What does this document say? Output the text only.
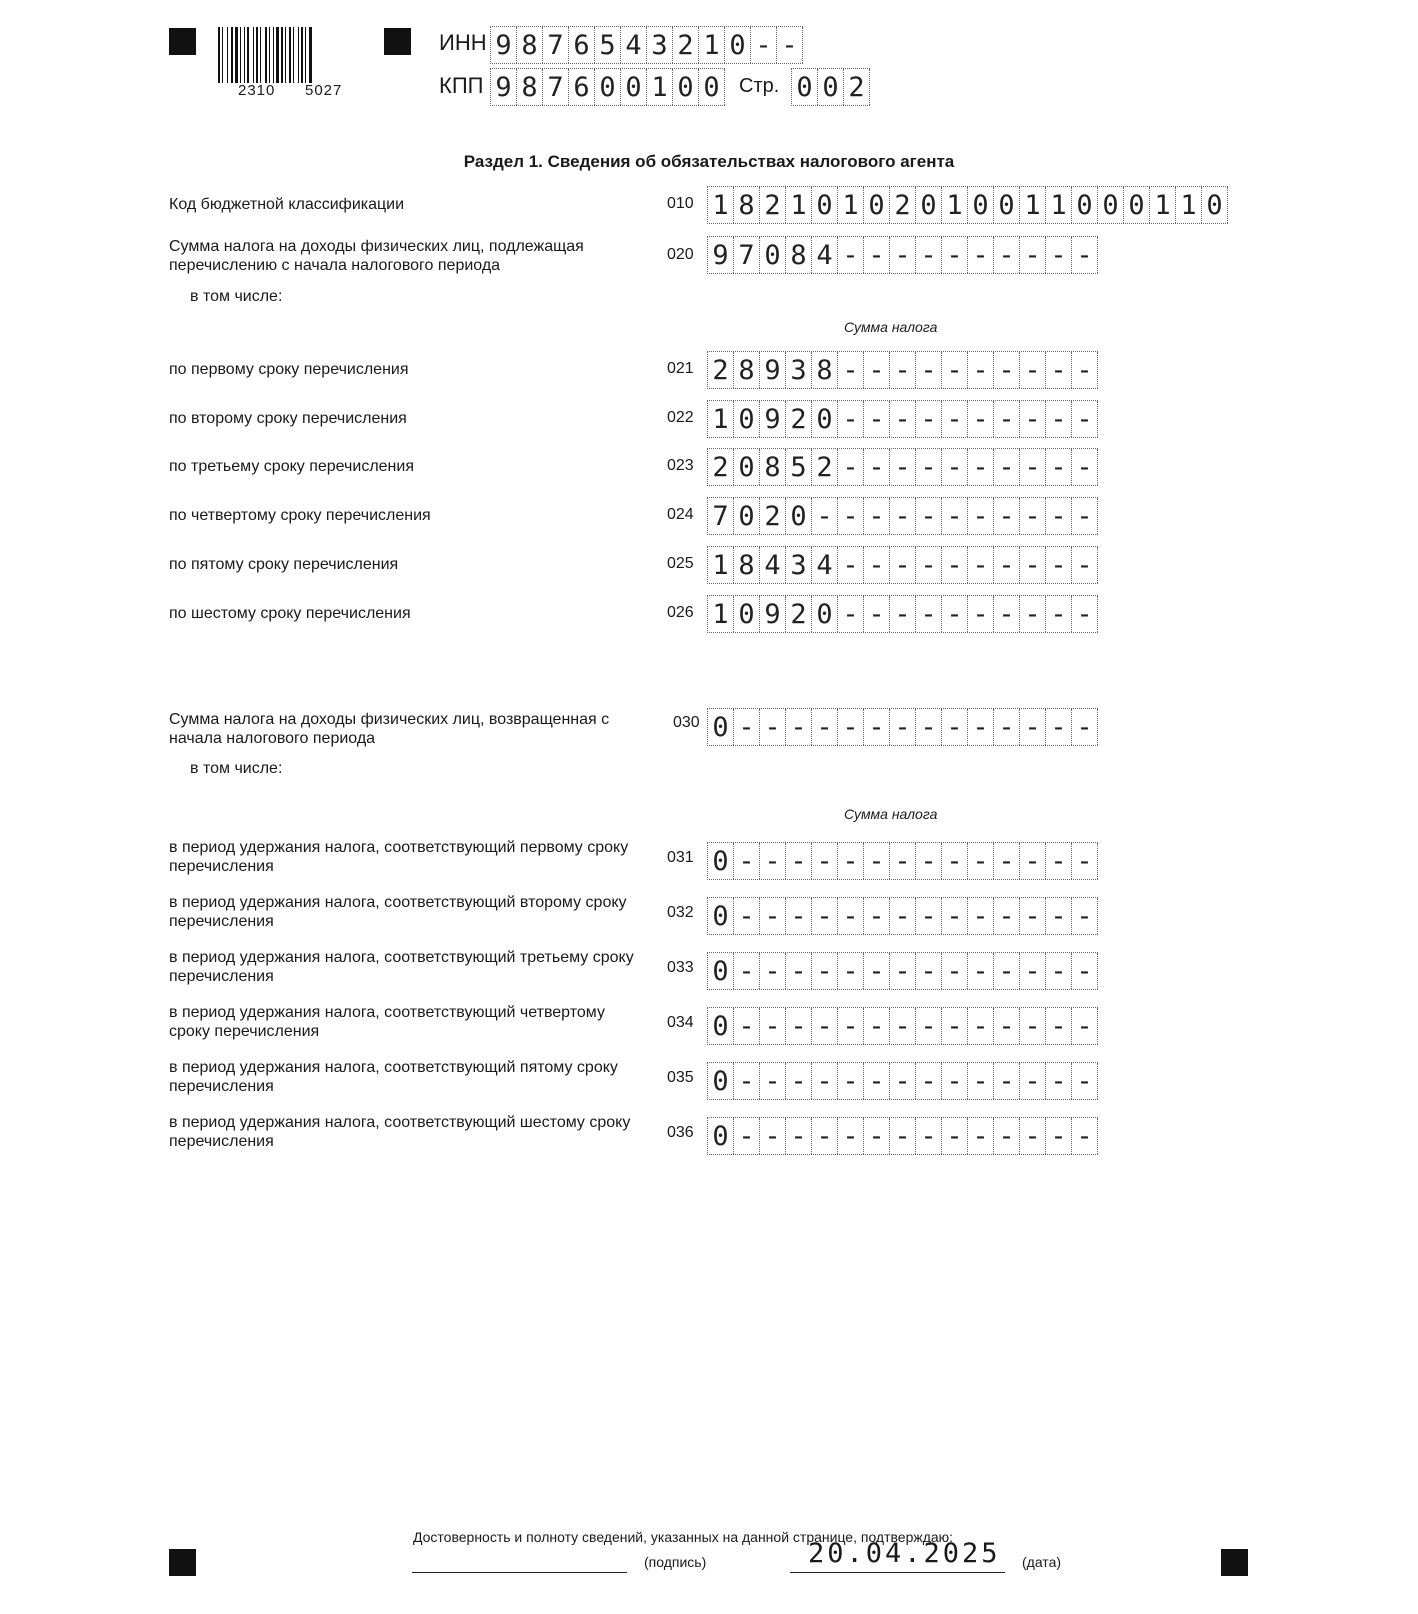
2310 5027
ИНН 9 8 7 6 5 4 3 2 1 0 - -
КПП 9 8 7 6 0 0 1 0 0 Стр. 0 0 2
Раздел 1. Сведения об обязательствах налогового агента
Код бюджетной классификации	010 1 8 2 1 0 1 0 2 0 1 0 0 1 1 0 0 0 1 1 0
Сумма налога на доходы физических лиц, подлежащая перечислению с начала налогового периода
020 9 7 0 8 4 - - - - - - - - - -
в том числе:
Сумма налога
по первому сроку перечисления	021 2 8 9 3 8 - - - - - - - - - -
по второму сроку перечисления	022 1 0 9 2 0 - - - - - - - - - -
по третьему сроку перечисления	023 2 0 8 5 2 - - - - - - - - - -
по четвертому сроку перечисления	024 7 0 2 0 - - - - - - - - - - -
по пятому сроку перечисления	025 1 8 4 3 4 - - - - - - - - - -
по шестому сроку перечисления	026 1 0 9 2 0 - - - - - - - - - -
Сумма налога на доходы физических лиц, возвращенная с начала налогового периода
030 0 - - - - - - - - - - - - - -
в том числе:
Сумма налога
в период удержания налога, соответствующий первому сроку перечисления
031 0 - - - - - - - - - - - - - -
в период удержания налога, соответствующий второму сроку перечисления
032 0 - - - - - - - - - - - - - -
в период удержания налога, соответствующий третьему сроку перечисления
033 0 - - - - - - - - - - - - - -
в период удержания налога, соответствующий четвертому сроку перечисления
034 0 - - - - - - - - - - - - - -
в период удержания налога, соответствующий пятому сроку перечисления
035 0 - - - - - - - - - - - - - -
в период удержания налога, соответствующий шестому сроку перечисления
036 0 - - - - - - - - - - - - - -
Достоверность и полноту сведений, указанных на данной странице, подтверждаю:
(подпись)	20.04.2025 (дата)
